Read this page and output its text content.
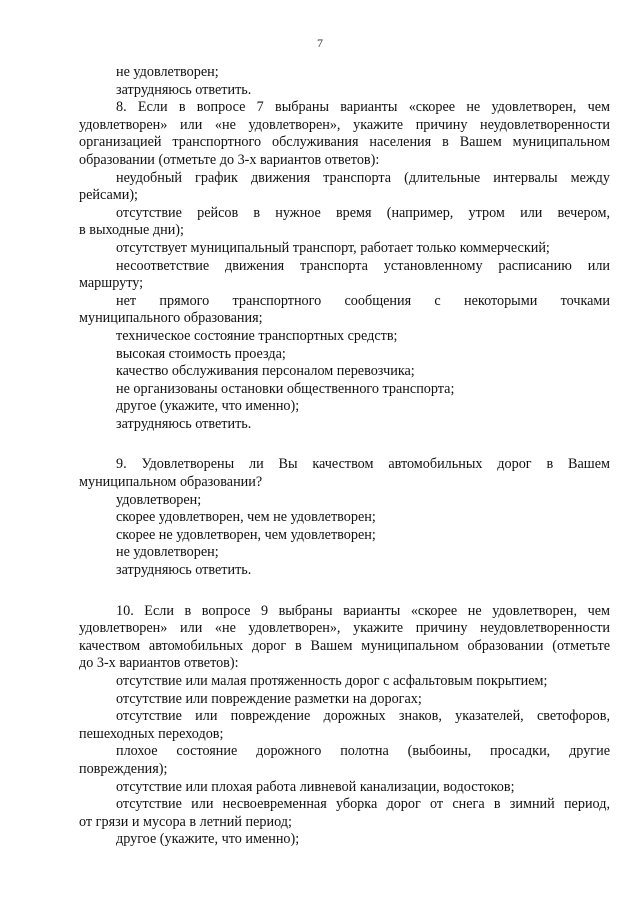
7
не удовлетворен;
затрудняюсь ответить.
8. Если в вопросе 7 выбраны варианты «скорее не удовлетворен, чем
удовлетворен» или «не удовлетворен», укажите причину неудовлетворенности
организацией транспортного обслуживания населения в Вашем муниципальном
образовании (отметьте до 3-х вариантов ответов):
неудобный график движения транспорта (длительные интервалы между
рейсами);
отсутствие рейсов в нужное время (например, утром или вечером,
в выходные дни);
отсутствует муниципальный транспорт, работает только коммерческий;
несоответствие движения транспорта установленному расписанию или
маршруту;
нет прямого транспортного сообщения с некоторыми точками
муниципального образования;
техническое состояние транспортных средств;
высокая стоимость проезда;
качество обслуживания персоналом перевозчика;
не организованы остановки общественного транспорта;
другое (укажите, что именно);
затрудняюсь ответить.
9. Удовлетворены ли Вы качеством автомобильных дорог в Вашем
муниципальном образовании?
удовлетворен;
скорее удовлетворен, чем не удовлетворен;
скорее не удовлетворен, чем удовлетворен;
не удовлетворен;
затрудняюсь ответить.
10. Если в вопросе 9 выбраны варианты «скорее не удовлетворен, чем
удовлетворен» или «не удовлетворен», укажите причину неудовлетворенности
качеством автомобильных дорог в Вашем муниципальном образовании (отметьте
до 3-х вариантов ответов):
отсутствие или малая протяженность дорог с асфальтовым покрытием;
отсутствие или повреждение разметки на дорогах;
отсутствие или повреждение дорожных знаков, указателей, светофоров,
пешеходных переходов;
плохое состояние дорожного полотна (выбоины, просадки, другие
повреждения);
отсутствие или плохая работа ливневой канализации, водостоков;
отсутствие или несвоевременная уборка дорог от снега в зимний период,
от грязи и мусора в летний период;
другое (укажите, что именно);
